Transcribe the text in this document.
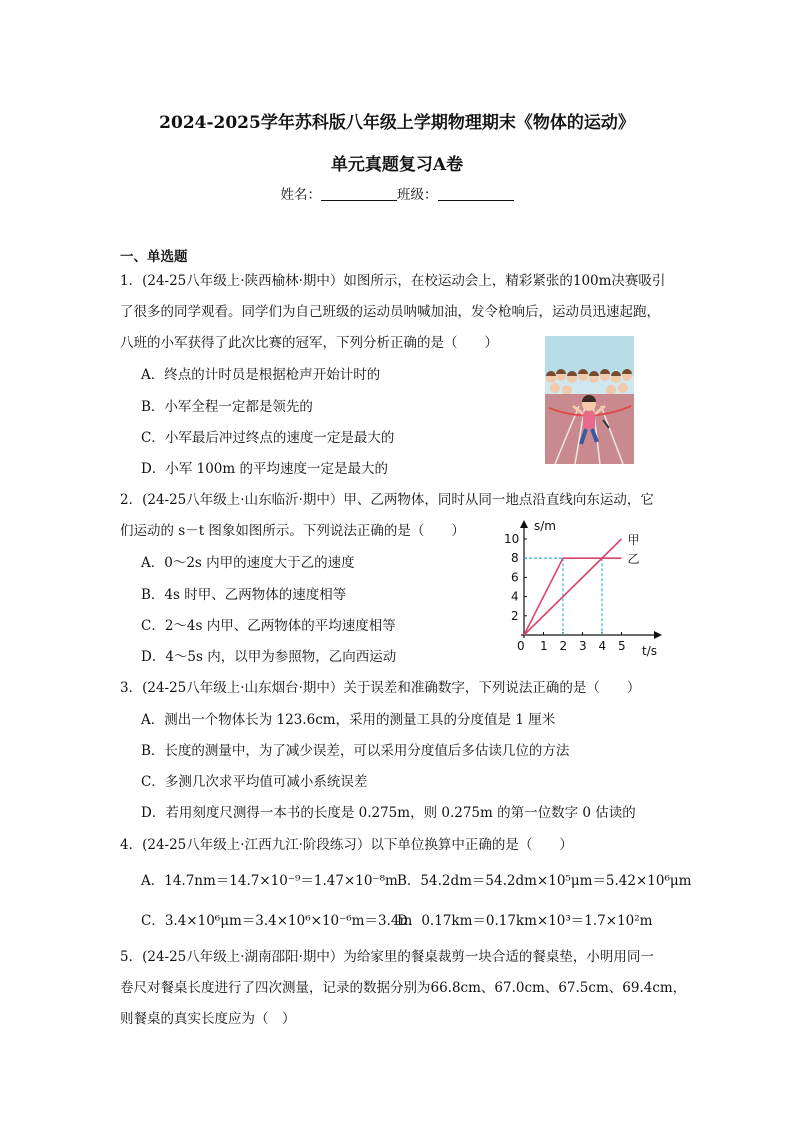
2024-2025学年苏科版八年级上学期物理期末《物体的运动》
单元真题复习A卷
姓名：	班级：
一、单选题
1．(24-25八年级上·陕西榆林·期中）如图所示，在校运动会上，精彩紧张的100m决赛吸引
了很多的同学观看。同学们为自己班级的运动员呐喊加油，发令枪响后，运动员迅速起跑，
八班的小军获得了此次比赛的冠军，下列分析正确的是（　　）
A．终点的计时员是根据枪声开始计时的
B．小军全程一定都是领先的
C．小军最后冲过终点的速度一定是最大的
D．小军 100m 的平均速度一定是最大的
2．(24-25八年级上·山东临沂·期中）甲、乙两物体，同时从同一地点沿直线向东运动，它
们运动的 s－t 图象如图所示。下列说法正确的是（　　）
A．0～2s 内甲的速度大于乙的速度
B．4s 时甲、乙两物体的速度相等
C．2～4s 内甲、乙两物体的平均速度相等
D．4～5s 内，以甲为参照物，乙向西运动
s/m
t/s
0 1 2 3 4 5
2
4
6
8
10	甲
乙
3．(24-25八年级上·山东烟台·期中）关于误差和准确数字，下列说法正确的是（　　）
A．测出一个物体长为 123.6cm，采用的测量工具的分度值是 1 厘米
B．长度的测量中，为了减少误差，可以采用分度值后多估读几位的方法
C．多测几次求平均值可减小系统误差
D．若用刻度尺测得一本书的长度是 0.275m，则 0.275m 的第一位数字 0 估读的
4．(24-25八年级上·江西九江·阶段练习）以下单位换算中正确的是（　　）
A．14.7nm＝14.7×10⁻⁹＝1.47×10⁻⁸m B．54.2dm＝54.2dm×10⁵μm＝5.42×10⁶μm
C．3.4×10⁶μm＝3.4×10⁶×10⁻⁶m＝3.4m
D．0.17km＝0.17km×10³＝1.7×10²m
5．(24-25八年级上·湖南邵阳·期中）为给家里的餐桌裁剪一块合适的餐桌垫，小明用同一
卷尺对餐桌长度进行了四次测量，记录的数据分别为66.8cm、67.0cm、67.5cm、69.4cm，
则餐桌的真实长度应为（　）
